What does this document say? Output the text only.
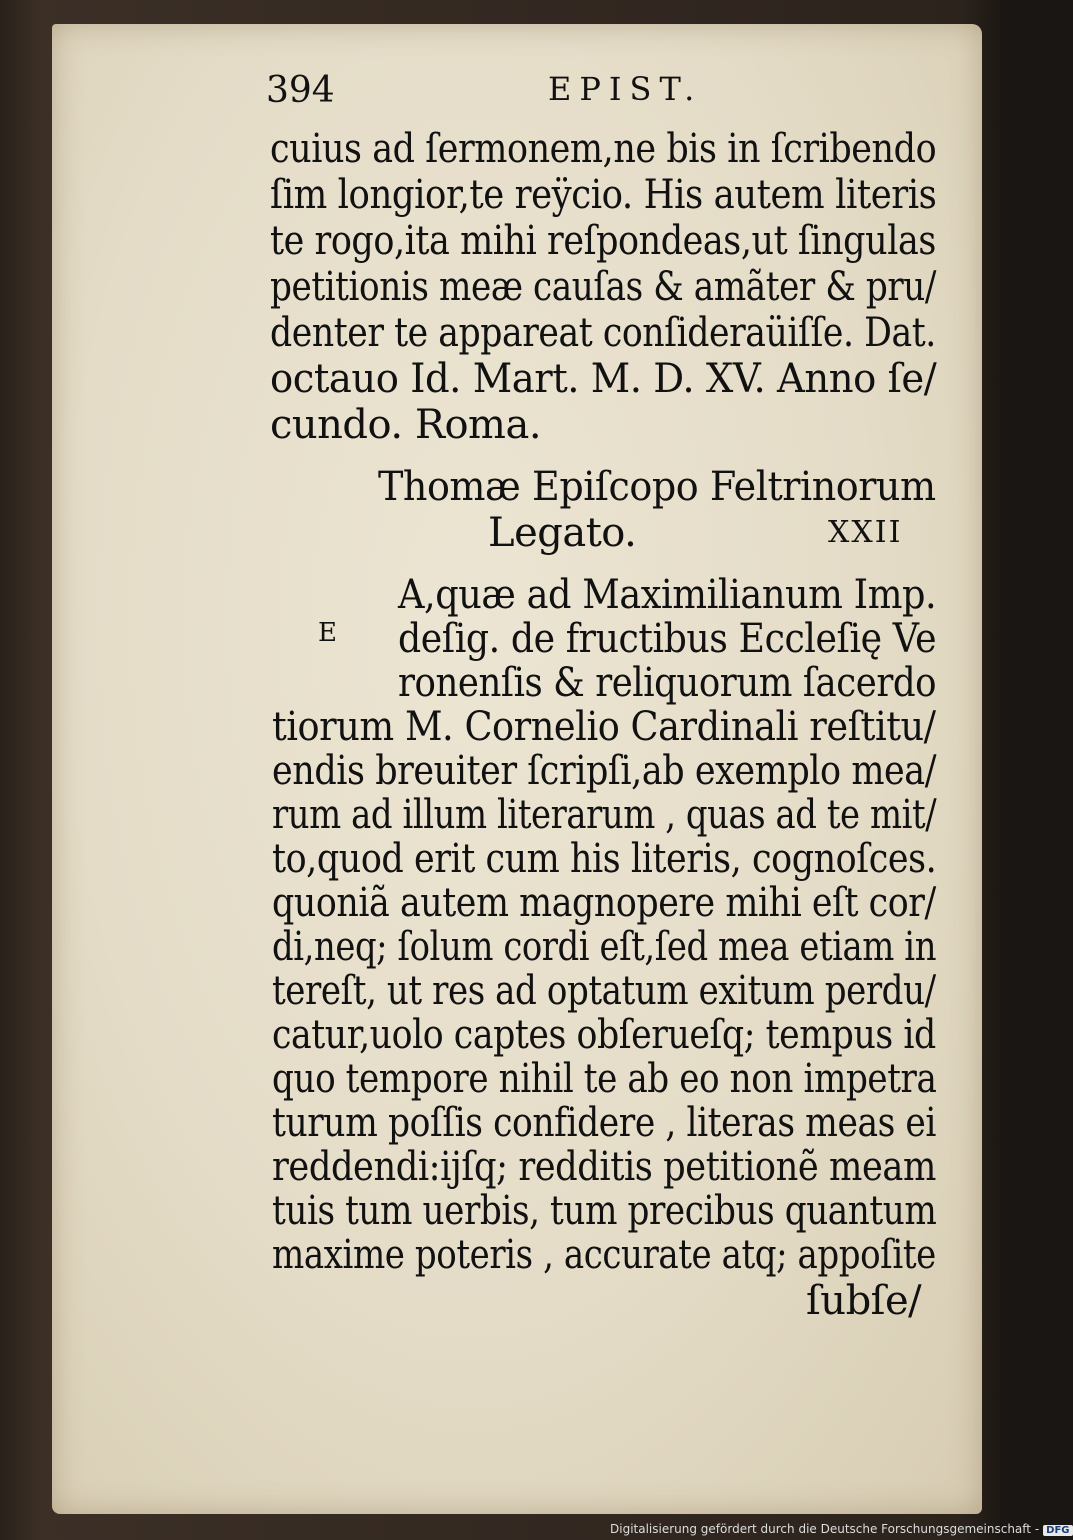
394	EPIST.
cuius ad ſermonem,ne bis in ſcribendo
ſim longior,te reÿcio. His autem literis
te rogo,ita mihi reſpondeas,ut ſingulas
petitionis meæ cauſas & amãter & pru/
denter te appareat conſideraüiſſe. Dat.
octauo Id. Mart. M. D. XV. Anno ſe/
cundo. Roma.
Thomæ Epiſcopo Feltrinorum
Legato.	XXII
E
A,quæ ad Maximilianum Imp.
deſig. de fructibus Eccleſię Ve
ronenſis & reliquorum ſacerdo
tiorum M. Cornelio Cardinali reſtitu/
endis breuiter ſcripſi,ab exemplo mea/
rum ad illum literarum , quas ad te mit/
to,quod erit cum his literis, cognoſces.
quoniã autem magnopere mihi eſt cor/
di,neq; ſolum cordi eſt,ſed mea etiam in
tereſt, ut res ad optatum exitum perdu/
catur,uolo captes obſerueſq; tempus id
quo tempore nihil te ab eo non impetra
turum poſſis confidere , literas meas ei
reddendi:ijſq; redditis petitionẽ meam
tuis tum uerbis, tum precibus quantum
maxime poteris , accurate atq; appoſite
ſubſe/
Digitalisierung gefördert durch die Deutsche Forschungsgemeinschaft - DFG
